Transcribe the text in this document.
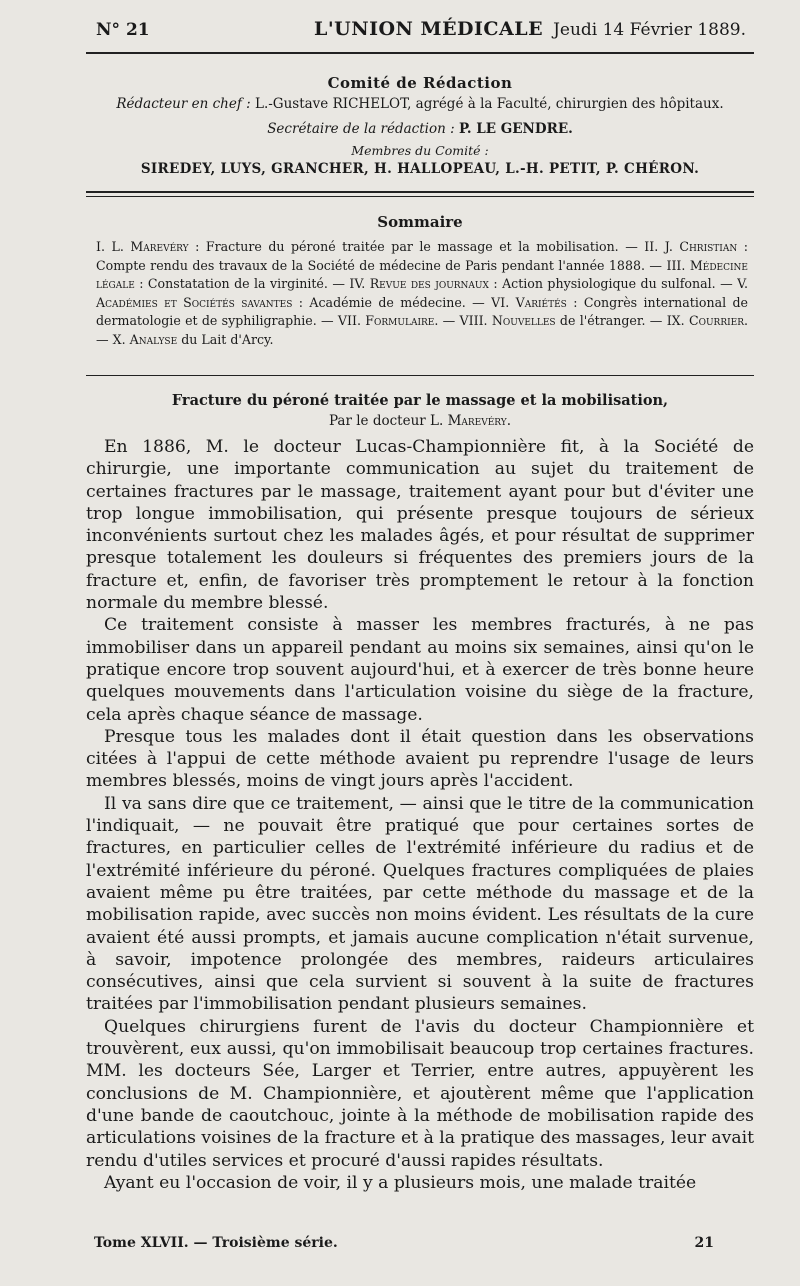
N° 21	L'UNION MÉDICALE Jeudi 14 Février 1889.
Comité de Rédaction
Rédacteur en chef : L.-Gustave RICHELOT, agrégé à la Faculté, chirurgien des hôpitaux.
Secrétaire de la rédaction : P. LE GENDRE.
Membres du Comité :
SIREDEY, LUYS, GRANCHER, H. HALLOPEAU, L.-H. PETIT, P. CHÉRON.
Sommaire
I. L. Marevéry : Fracture du péroné traitée par le massage et la mobilisation. — II. J. Christian : Compte rendu des travaux de la Société de médecine de Paris pendant l'année 1888. — III. Médecine légale : Constatation de la virginité. — IV. Revue des journaux : Action physiologique du sulfonal. — V. Académies et Sociétés savantes : Académie de médecine. — VI. Variétés : Congrès international de dermatologie et de syphiligraphie. — VII. Formulaire. — VIII. Nouvelles de l'étranger. — IX. Courrier. — X. Analyse du Lait d'Arcy.
Fracture du péroné traitée par le massage et la mobilisation,
Par le docteur L. Marevéry.

En 1886, M. le docteur Lucas-Championnière fit, à la Société de chirurgie, une importante communication au sujet du traitement de certaines fractures par le massage, traitement ayant pour but d'éviter une trop longue immobilisation, qui présente presque toujours de sérieux inconvénients surtout chez les malades âgés, et pour résultat de supprimer presque totalement les douleurs si fréquentes des premiers jours de la fracture et, enfin, de favoriser très promptement le retour à la fonction normale du membre blessé.

Ce traitement consiste à masser les membres fracturés, à ne pas immobiliser dans un appareil pendant au moins six semaines, ainsi qu'on le pratique encore trop souvent aujourd'hui, et à exercer de très bonne heure quelques mouvements dans l'articulation voisine du siège de la fracture, cela après chaque séance de massage.

Presque tous les malades dont il était question dans les observations citées à l'appui de cette méthode avaient pu reprendre l'usage de leurs membres blessés, moins de vingt jours après l'accident.

Il va sans dire que ce traitement, — ainsi que le titre de la communication l'indiquait, — ne pouvait être pratiqué que pour certaines sortes de fractures, en particulier celles de l'extrémité inférieure du radius et de l'extrémité inférieure du péroné. Quelques fractures compliquées de plaies avaient même pu être traitées, par cette méthode du massage et de la mobilisation rapide, avec succès non moins évident. Les résultats de la cure avaient été aussi prompts, et jamais aucune complication n'était survenue, à savoir, impotence prolongée des membres, raideurs articulaires consécutives, ainsi que cela survient si souvent à la suite de fractures traitées par l'immobilisation pendant plusieurs semaines.

Quelques chirurgiens furent de l'avis du docteur Championnière et trouvèrent, eux aussi, qu'on immobilisait beaucoup trop certaines fractures. MM. les docteurs Sée, Larger et Terrier, entre autres, appuyèrent les conclusions de M. Championnière, et ajoutèrent même que l'application d'une bande de caoutchouc, jointe à la méthode de mobilisation rapide des articulations voisines de la fracture et à la pratique des massages, leur avait rendu d'utiles services et procuré d'aussi rapides résultats.

Ayant eu l'occasion de voir, il y a plusieurs mois, une malade traitée

Tome XLVII. — Troisième série.	21
